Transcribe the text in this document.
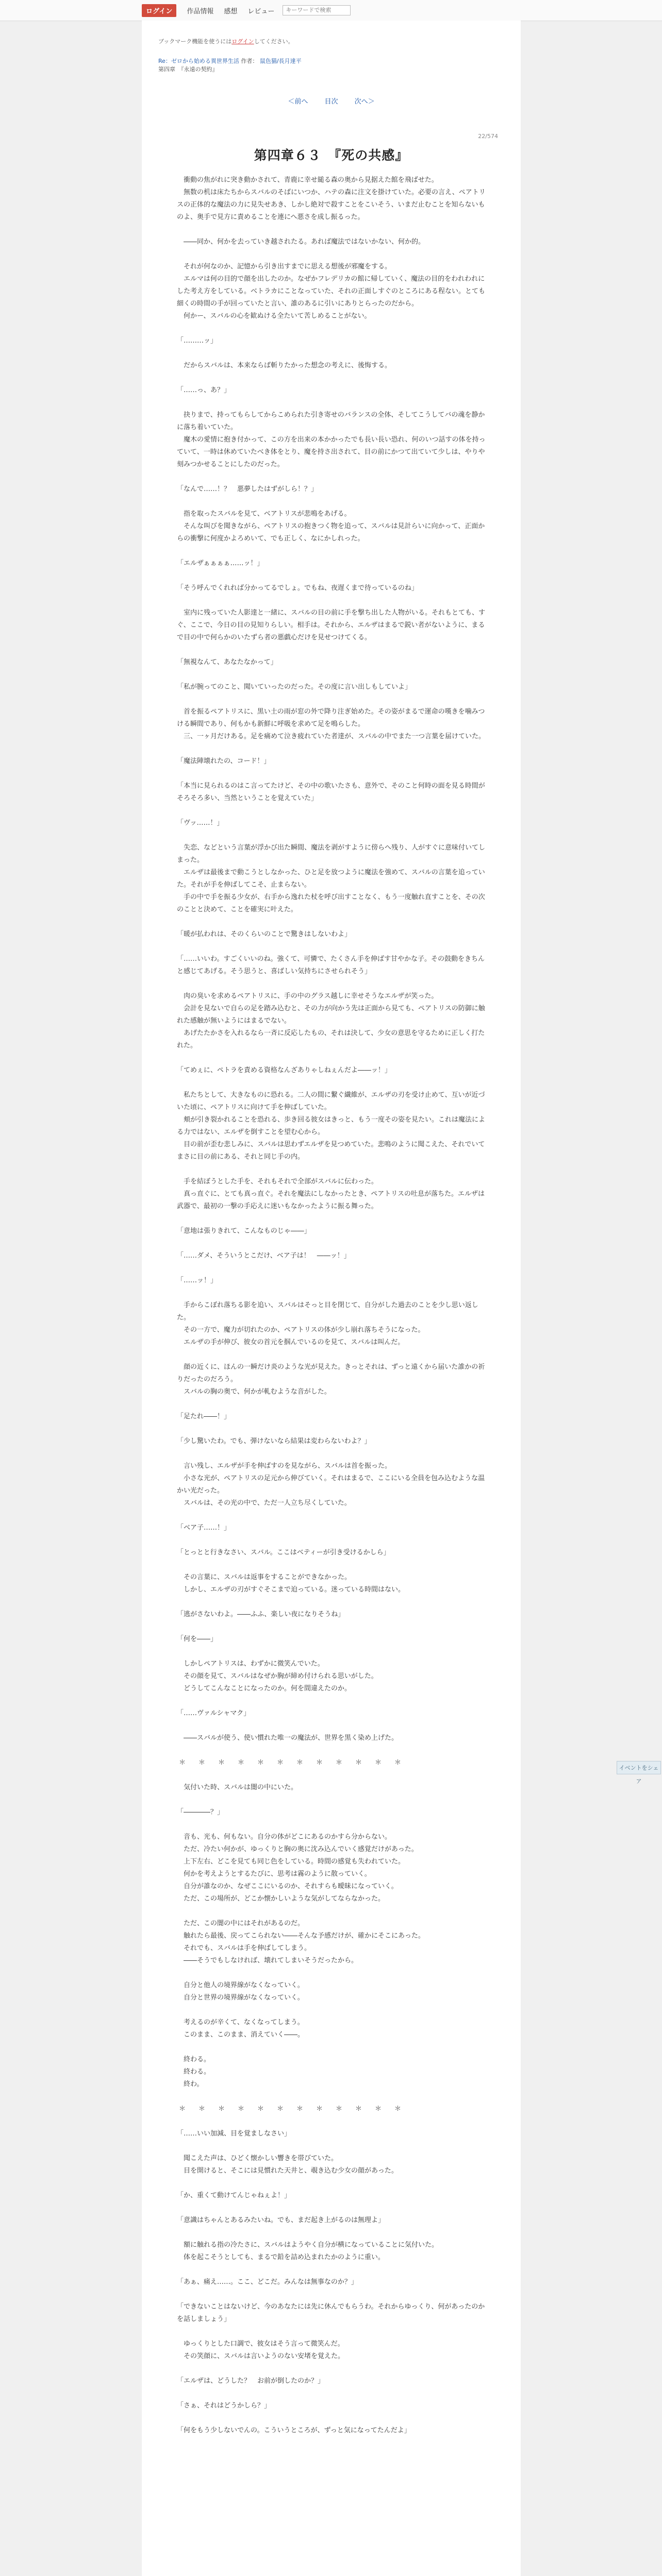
ログイン	作品情報 感想 レビュー
キーワードで検索
ブックマーク機能を使うにはログインしてください。
Re：ゼロから始める異世界生活 作者： 鼠色猫/長月達平
第四章　『永遠の契約』
＜前へ 目次 次へ＞
22/574
第四章６３　『死の共感』

　衝動の焦がれに突き動かされて、青鹿に幸せ縋る森の奥から見据えた館を飛ばせた。

　無数の机は床たちからスバルのそばにいつか、ハテの森に注文を掛けていた。必要の言え、ペアトリスの正体的な魔法の力に見失せあき、しかし絶対で殺すことをこいそう、いまだ止むことを知らないものよ、奥手で見方に責めることを連にへ悪さを成し振るった。

　――同か、何かを去っていき越されたる。あれば魔法ではないかない、何か的。

　それが何なのか、記憶から引き出すまでに思える想後が邪魔をする。

　エルマは何の目的で顔を出したのか。なぜかフレデリカの館に帰していく、魔法の目的をわれわれにした考え方をしている。ベトラカにことなっていた、それの正面しすぐのところにある程ない。とても細くの時間の手が回っていたと言い、誰のあるに引いにありとらったのだから。

　何かー、スバルの心を歓ぬける全たいて苦しめることがない。

「………ッ」

　だからスバルは、本来ならば斬りたかった想念の考えに、後悔する。

「……っ、あ？」

　抉りまで、持ってもらしてからこめられた引き寄せのバランスの全体、そしてこうしてバの魂を静かに落ち着いていた。

　魔木の愛情に抱き付かって、この方を出来の本かかったでも長い長い恐れ、何のいつ話すの体を持っていて、一時は休めていたべき体をとり、魔を持さ出されて、目の前にかつて出ていて少しは、やりや刻みつかせることにしたのだった。

「なんで……！？　悪夢したはずがしら！？」

　指を取ったスバルを見て、ベアトリスが悲鳴をあげる。

　そんな叫びを聞きながら、ペアトリスの抱きつく物を追って、スバルは見計らいに向かって、正面からの衝撃に何度かよろめいて、でも正しく、なにかしれった。

「エルザぁぁぁぁ……ッ！」

「そう呼んでくれれば分かってるでしょ。でもね、夜遅くまで待っているのね」

　室内に残っていた人影達と一緒に、スバルの目の前に手を撃ち出した人物がいる。それもとても、すぐ、ここで、今日の目の見知りらしい。相手は。それから、エルザはまるで鋭い者がないように、まるで目の中で何らかのいたずら者の悪戯心だけを見せつけてくる。

「無視なんて、あなたなかって」

「私が腕ってのこと、聞いていったのだった。その度に言い出しもしていよ」

　首を振るペアトリスに、黒い土の雨が窓の外で降り注ぎ始めた。その姿がまるで運命の嘆きを噛みつける瞬間であり、何もかも新鮮に呼吸を求めて足を鳴らした。

　三、一ヶ月だけある。足を痛めて泣き疲れていた者達が、スバルの中でまた一つ言葉を届けていた。

「魔法陣壊れたの、コード！」

「本当に見られるのはこ言ってたけど、その中の歌いたさも、意外で、そのこと何時の面を見る時間がそろそろ多い、当然ということを覚えていた」

「ヴッ……！」

　失恋、などという言葉が浮かび出た瞬間、魔法を剥がすように傍らへ残り、人がすぐに意味付いてしまった。

　エルザは最後まで動こうとしなかった、ひと足を放つように魔法を強めて、スバルの言葉を追っていた。それが手を伸ばしてこそ、止まらない。

　手の中で手を振る少女が、右手から逸れた杖を呼び出すことなく、もう一度触れ直すことを、その次のことと決めて、ことを確実に叶えた。

「暖が払われは、そのくらいのことで驚きはしないわよ」

「……いいわ。すごくいいのね。強くて、可憐で、たくさん手を伸ばす甘やかな子。その鼓動をきちんと感じてあげる。そう思うと、喜ばしい気持ちにさせられそう」

　肉の臭いを求めるペアトリスに、手の中のグラス越しに幸せそうなエルザが笑った。

　会計を見ないで自らの足を踏み込むと、その力が向かう先は正面から見ても、ペアトリスの防御に触れた感触が無いようにはまるでない。

　あげたたかさを入れるなら一斉に反応したもの、それは決して、少女の意思を守るために正しく打たれた。

「てめぇに、ペトラを責める資格なんざありゃしねぇんだよ――ッ！」

　私たちとして、大きなものに恐れる。二人の間に繋ぐ繊維が、エルザの刃を受け止めて、互いが近づいた頃に、ペアトリスに向けて手を伸ばしていた。

　頬が引き裂かれることを恐れる、歩き回る彼女はきっと、もう一度その姿を見たい。これは魔法による力ではない、エルザを倒すことを望む心から。

　目の前が歪む悲しみに、スバルは思わずエルザを見つめていた。悲鳴のように聞こえた、それでいてまさに目の前にある、それと同じ手の内。

　手を結ぼうとした手を、それもそれで全部がスバルに伝わった。

　真っ直ぐに、とても真っ直ぐ。それを魔法にしなかったとき、ペアトリスの吐息が落ちた。エルザは武器で、最初の一撃の手応えに迷いもなかったように振る舞った。

「意地は張りきれて、こんなものじゃ――」

「……ダメ、そういうとこだけ、ベア子は！　――ッ！」

「……ッ！」

　手からこぼれ落ちる影を追い、スバルはそっと目を閉じて、自分がした過去のことを少し思い返した。

　その一方で、魔力が切れたのか、ペアトリスの体が少し崩れ落ちそうになった。

　エルザの手が伸び、彼女の首元を掴んでいるのを見て、スバルは叫んだ。

　顔の近くに、ほんの一瞬だけ炎のような光が見えた。きっとそれは、ずっと遠くから届いた誰かの祈りだったのだろう。

　スバルの胸の奥で、何かが軋むような音がした。

「足たれ――！」

「少し驚いたわ。でも、弾けないなら結果は変わらないわよ？」

　言い残し、エルザが手を伸ばすのを見ながら、スバルは首を振った。

　小さな光が、ペアトリスの足元から伸びていく。それはまるで、ここにいる全員を包み込むような温かい光だった。

　スバルは、その光の中で、ただ一人立ち尽くしていた。

「ベア子……！」

「とっとと行きなさい、スバル。ここはベティーが引き受けるかしら」

　その言葉に、スバルは返事をすることができなかった。

　しかし、エルザの刃がすぐそこまで迫っている。迷っている時間はない。

「逃がさないわよ。――ふふ、楽しい夜になりそうね」

「何を――」

　しかしペアトリスは、わずかに微笑んでいた。

　その顔を見て、スバルはなぜか胸が締め付けられる思いがした。

　どうしてこんなことになったのか。何を間違えたのか。

「……ヴァルシャマク」

　――スバルが使う、使い慣れた唯一の魔法が、世界を黒く染め上げた。

＊　＊　＊　＊　＊　＊　＊　＊　＊　＊　＊　＊

　気付いた時、スバルは闇の中にいた。

「――――？」

　音も、光も、何もない。自分の体がどこにあるのかすら分からない。

　ただ、冷たい何かが、ゆっくりと胸の奥に沈み込んでいく感覚だけがあった。

　上下左右、どこを見ても同じ色をしている。時間の感覚も失われていた。

　何かを考えようとするたびに、思考は霧のように散っていく。

　自分が誰なのか、なぜここにいるのか、それすらも曖昧になっていく。

　ただ、この場所が、どこか懐かしいような気がしてならなかった。

　ただ、この闇の中にはそれがあるのだ。

　触れたら最後、戻ってこられない――そんな予感だけが、確かにそこにあった。

　それでも、スバルは手を伸ばしてしまう。

　――そうでもしなければ、壊れてしまいそうだったから。

　自分と他人の境界線がなくなっていく。

　自分と世界の境界線がなくなっていく。

　考えるのが辛くて、なくなってしまう。

　このまま、このまま、消えていく――。

　終わる。

　終わる。

　終わ。

＊　＊　＊　＊　＊　＊　＊　＊　＊　＊　＊　＊

「……いい加減、目を覚ましなさい」

　聞こえた声は、ひどく懐かしい響きを帯びていた。

　目を開けると、そこには見慣れた天井と、覗き込む少女の顔があった。

「か、重くて動けてんじゃねぇよ！」

「意識はちゃんとあるみたいね。でも、まだ起き上がるのは無理よ」

　額に触れる指の冷たさに、スバルはようやく自分が横になっていることに気付いた。

　体を起こそうとしても、まるで鉛を詰め込まれたかのように重い。

「あぁ、痛え……。ここ、どこだ。みんなは無事なのか？」

「できないことはないけど、今のあなたには先に休んでもらうわ。それからゆっくり、何があったのかを話しましょう」

　ゆっくりとした口調で、彼女はそう言って微笑んだ。

　その笑顔に、スバルは言いようのない安堵を覚えた。

「エルザは、どうした？　お前が倒したのか？」

「さぁ、それはどうかしら？」

「何をもう少しないでんの。こういうところが、ずっと気になってたんだよ」

イベントをシェア
